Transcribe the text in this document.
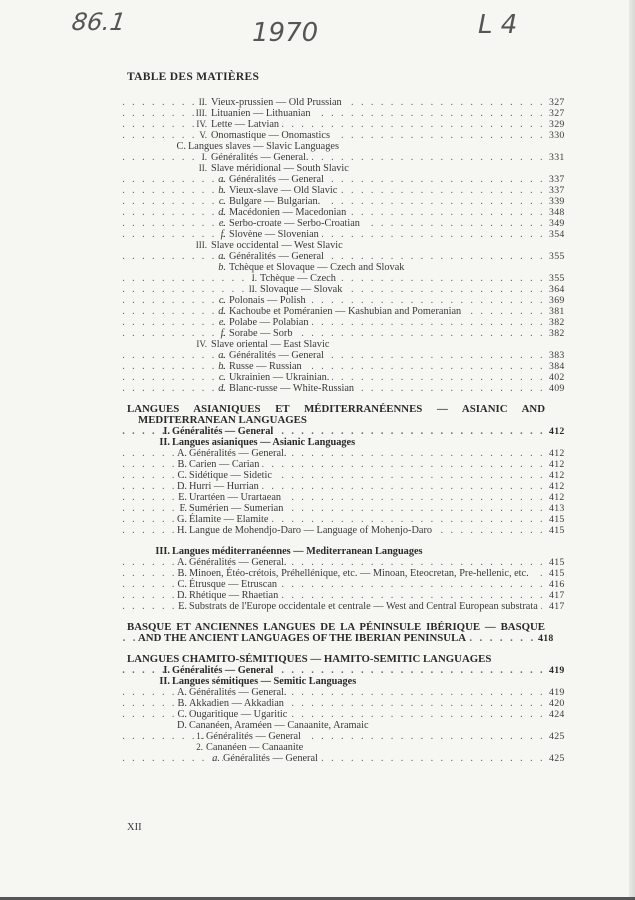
86.1	1970	L 4
TABLE DES MATIÈRES
. . . II. Vieux-prussien — Old Prussian	327
. . . III. Lituanien — Lithuanian	327
. . . IV. Lette — Latvian	329
. . . V. Onomastique — Onomastics	330
C. Langues slaves — Slavic Languages
. . . I. Généralités — General.	331
II. Slave méridional — South Slavic
. . . a. Généralités — General	337
. . . b. Vieux-slave — Old Slavic	337
. . . c. Bulgare — Bulgarian.	339
. . . d. Macédonien — Macedonian	348
. . . e. Serbo-croate — Serbo-Croatian	349
. . . f. Slovène — Slovenian	354
III. Slave occidental — West Slavic
. . . a. Généralités — General	355
b. Tchèque et Slovaque — Czech and Slovak
. . . I. Tchèque — Czech	355
. . . II. Slovaque — Slovak	364
. . . c. Polonais — Polish	369
. . . d. Kachoube et Poméranien — Kashubian and Pomeranian	381
. . . e. Polabe — Polabian	382
. . . f. Sorabe — Sorb	382
IV. Slave oriental — East Slavic
. . . a. Généralités — General	383
. . . b. Russe — Russian	384
. . . c. Ukrainien — Ukrainian.	402
. . . d. Blanc-russe — White-Russian	409
LANGUES ASIANIQUES ET MÉDITERRANÉENNES — ASIANIC AND MEDITERRANEAN LANGUAGES
. . . I. Généralités — General	412
II. Langues asianiques — Asianic Languages
. . . A. Généralités — General.	412
. . . B. Carien — Carian	412
. . . C. Sidétique — Sidetic	412
. . . D. Hurri — Hurrian	412
. . . E. Urartéen — Urartaean	412
. . . F. Sumérien — Sumerian	413
. . . G. Élamite — Elamite	415
. . . H. Langue de Mohendjo-Daro — Language of Mohenjo-Daro	415
III. Langues méditerranéennes — Mediterranean Languages
. . . A. Généralités — General.	415
. . . B. Minoen, Étéo-crétois, Préhellénique, etc. — Minoan, Eteocretan, Pre-hellenic, etc. 415
. . . C. Étrusque — Etruscan	416
. . . D. Rhétique — Rhaetian	417
. . . E. Substrats de l'Europe occidentale et centrale — West and Central European substrata 417
. . . BASQUE ET ANCIENNES LANGUES DE LA PÉNINSULE IBÉRIQUE — BASQUE AND THE ANCIENT LANGUAGES OF THE IBERIAN PENINSULA	418
LANGUES CHAMITO-SÉMITIQUES — HAMITO-SEMITIC LANGUAGES
. . . I. Généralités — General	419
II. Langues sémitiques — Semitic Languages
. . . A. Généralités — General.	419
. . . B. Akkadien — Akkadian	420
. . . C. Ougaritique — Ugaritic	424
D. Cananéen, Araméen — Canaanite, Aramaic
. . . 1. Généralités — General	425
2. Cananéen — Canaanite
. . . a. Généralités — General	425
XII
